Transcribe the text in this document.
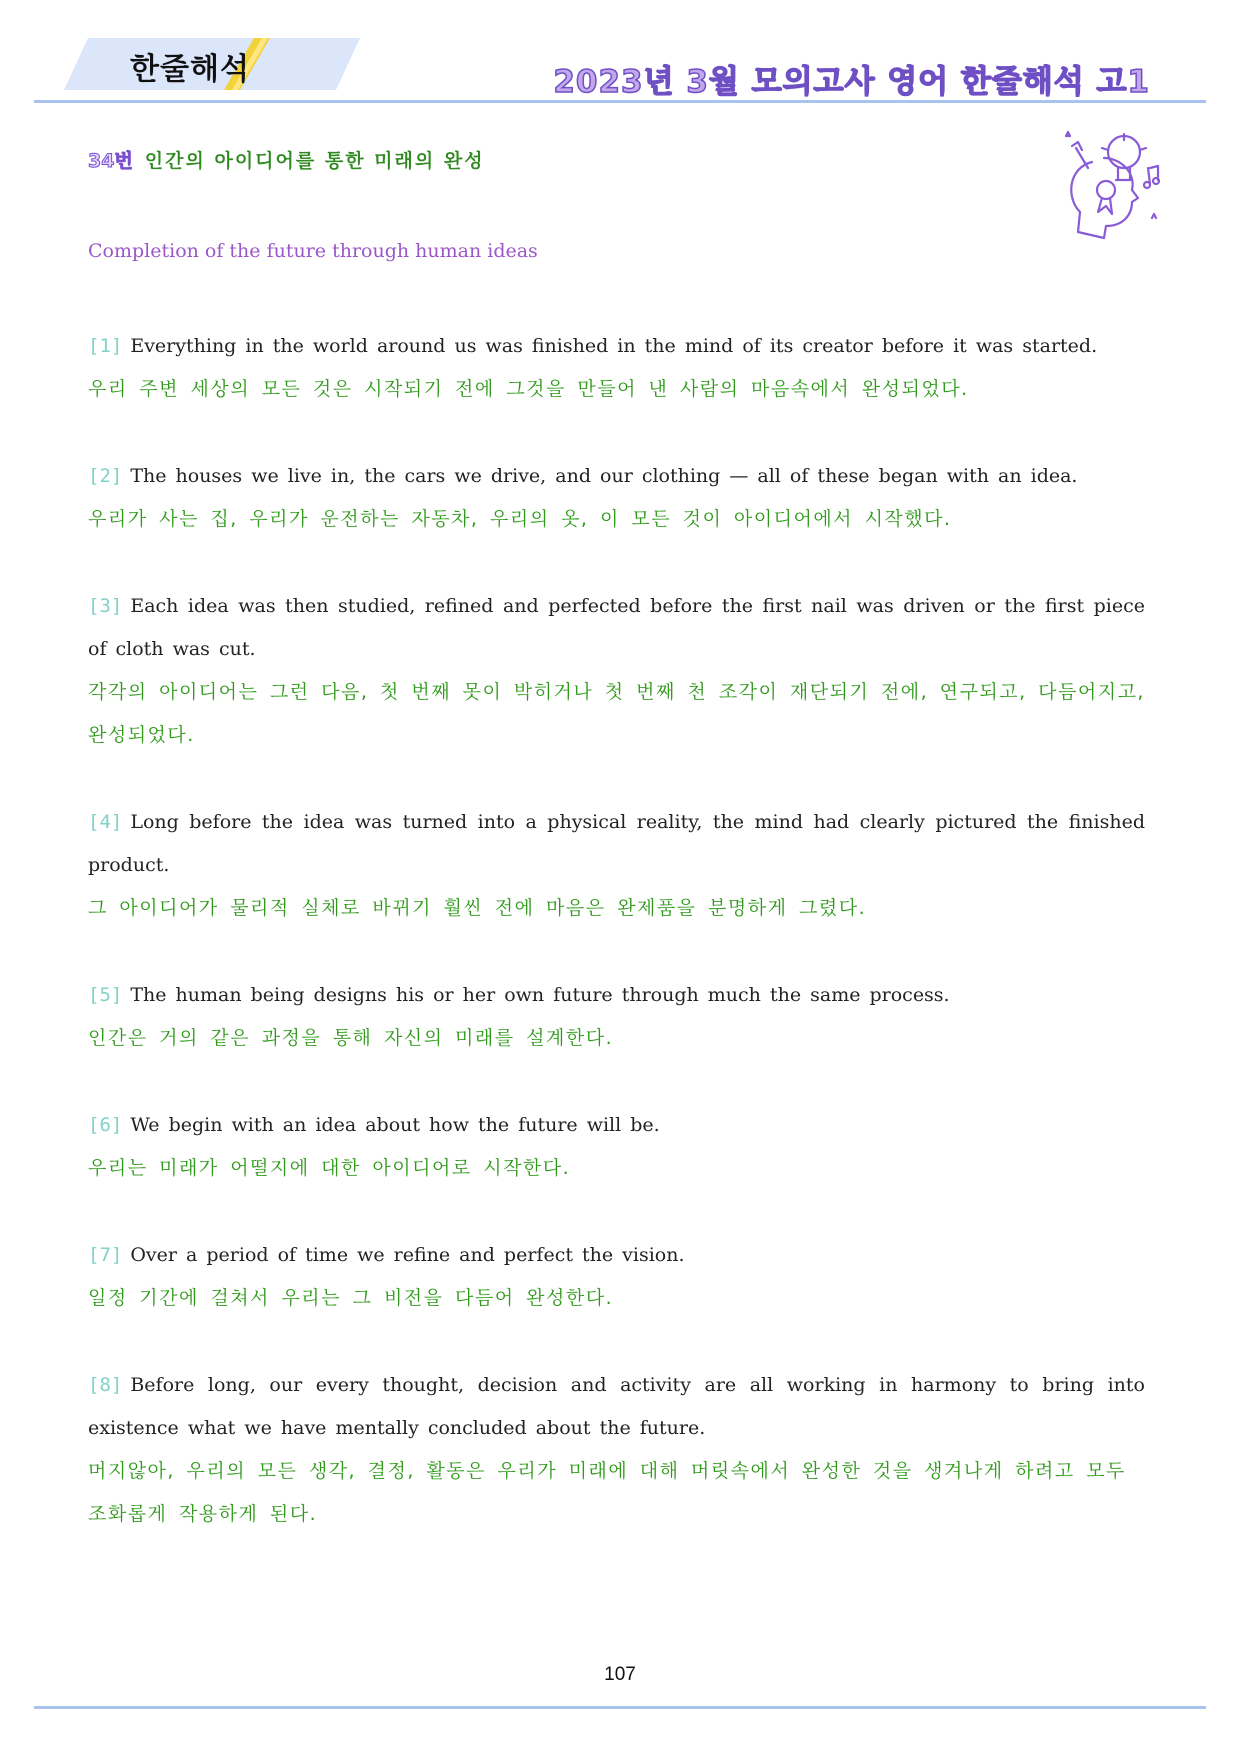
한줄해석	2023년 3월 모의고사 영어 한줄해석 고1
34번 인간의 아이디어를 통한 미래의 완성
Completion of the future through human ideas
[1] Everything in the world around us was finished in the mind of its creator before it was started.
우리 주변 세상의 모든 것은 시작되기 전에 그것을 만들어 낸 사람의 마음속에서 완성되었다.
[2] The houses we live in, the cars we drive, and our clothing — all of these began with an idea.
우리가 사는 집, 우리가 운전하는 자동차, 우리의 옷, 이 모든 것이 아이디어에서 시작했다.
[3] Each idea was then studied, refined and perfected before the first nail was driven or the first piece of cloth was cut.
각각의 아이디어는 그런 다음, 첫 번째 못이 박히거나 첫 번째 천 조각이 재단되기 전에, 연구되고, 다듬어지고, 완성되었다.
[4] Long before the idea was turned into a physical reality, the mind had clearly pictured the finished product.
그 아이디어가 물리적 실체로 바뀌기 훨씬 전에 마음은 완제품을 분명하게 그렸다.
[5] The human being designs his or her own future through much the same process.
인간은 거의 같은 과정을 통해 자신의 미래를 설계한다.
[6] We begin with an idea about how the future will be.
우리는 미래가 어떨지에 대한 아이디어로 시작한다.
[7] Over a period of time we refine and perfect the vision.
일정 기간에 걸쳐서 우리는 그 비전을 다듬어 완성한다.
[8] Before long, our every thought, decision and activity are all working in harmony to bring into existence what we have mentally concluded about the future.
머지않아, 우리의 모든 생각, 결정, 활동은 우리가 미래에 대해 머릿속에서 완성한 것을 생겨나게 하려고 모두 조화롭게 작용하게 된다.
107
